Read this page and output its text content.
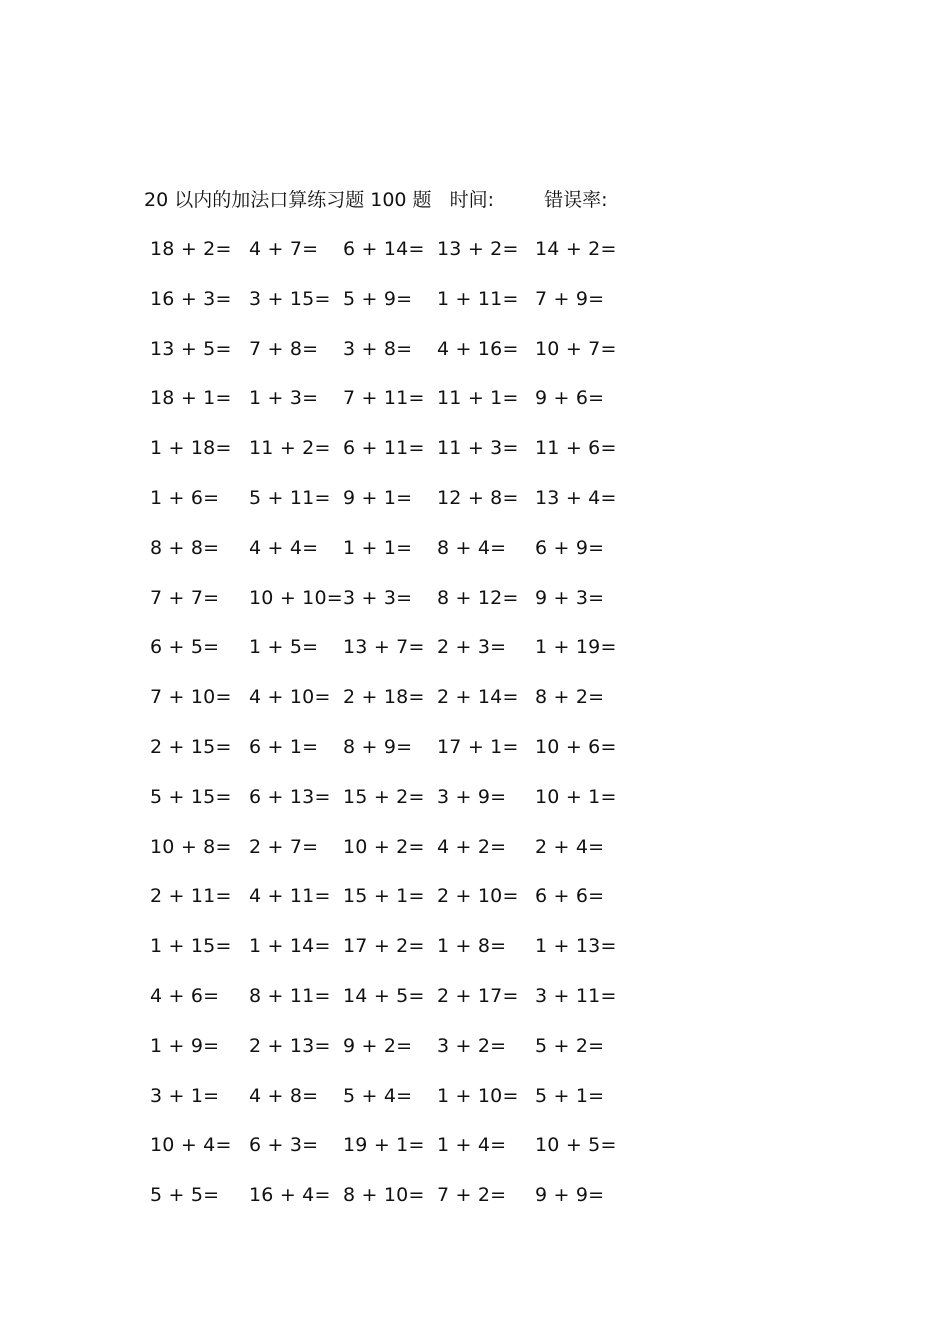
20 以内的加法口算练习题 100 题 时间:	错误率:
18 + 2= 4 + 7= 6 + 14= 13 + 2= 14 + 2=
16 + 3= 3 + 15= 5 + 9= 1 + 11= 7 + 9=
13 + 5= 7 + 8= 3 + 8= 4 + 16= 10 + 7=
18 + 1= 1 + 3= 7 + 11= 11 + 1= 9 + 6=
1 + 18= 11 + 2= 6 + 11= 11 + 3= 11 + 6=
1 + 6= 5 + 11= 9 + 1= 12 + 8= 13 + 4=
8 + 8= 4 + 4= 1 + 1= 8 + 4= 6 + 9=
7 + 7= 10 + 10= 3 + 3= 8 + 12= 9 + 3=
6 + 5= 1 + 5= 13 + 7= 2 + 3= 1 + 19=
7 + 10= 4 + 10= 2 + 18= 2 + 14= 8 + 2=
2 + 15= 6 + 1= 8 + 9= 17 + 1= 10 + 6=
5 + 15= 6 + 13= 15 + 2= 3 + 9= 10 + 1=
10 + 8= 2 + 7= 10 + 2= 4 + 2= 2 + 4=
2 + 11= 4 + 11= 15 + 1= 2 + 10= 6 + 6=
1 + 15= 1 + 14= 17 + 2= 1 + 8= 1 + 13=
4 + 6= 8 + 11= 14 + 5= 2 + 17= 3 + 11=
1 + 9= 2 + 13= 9 + 2= 3 + 2= 5 + 2=
3 + 1= 4 + 8= 5 + 4= 1 + 10= 5 + 1=
10 + 4= 6 + 3= 19 + 1= 1 + 4= 10 + 5=
5 + 5= 16 + 4= 8 + 10= 7 + 2= 9 + 9=
